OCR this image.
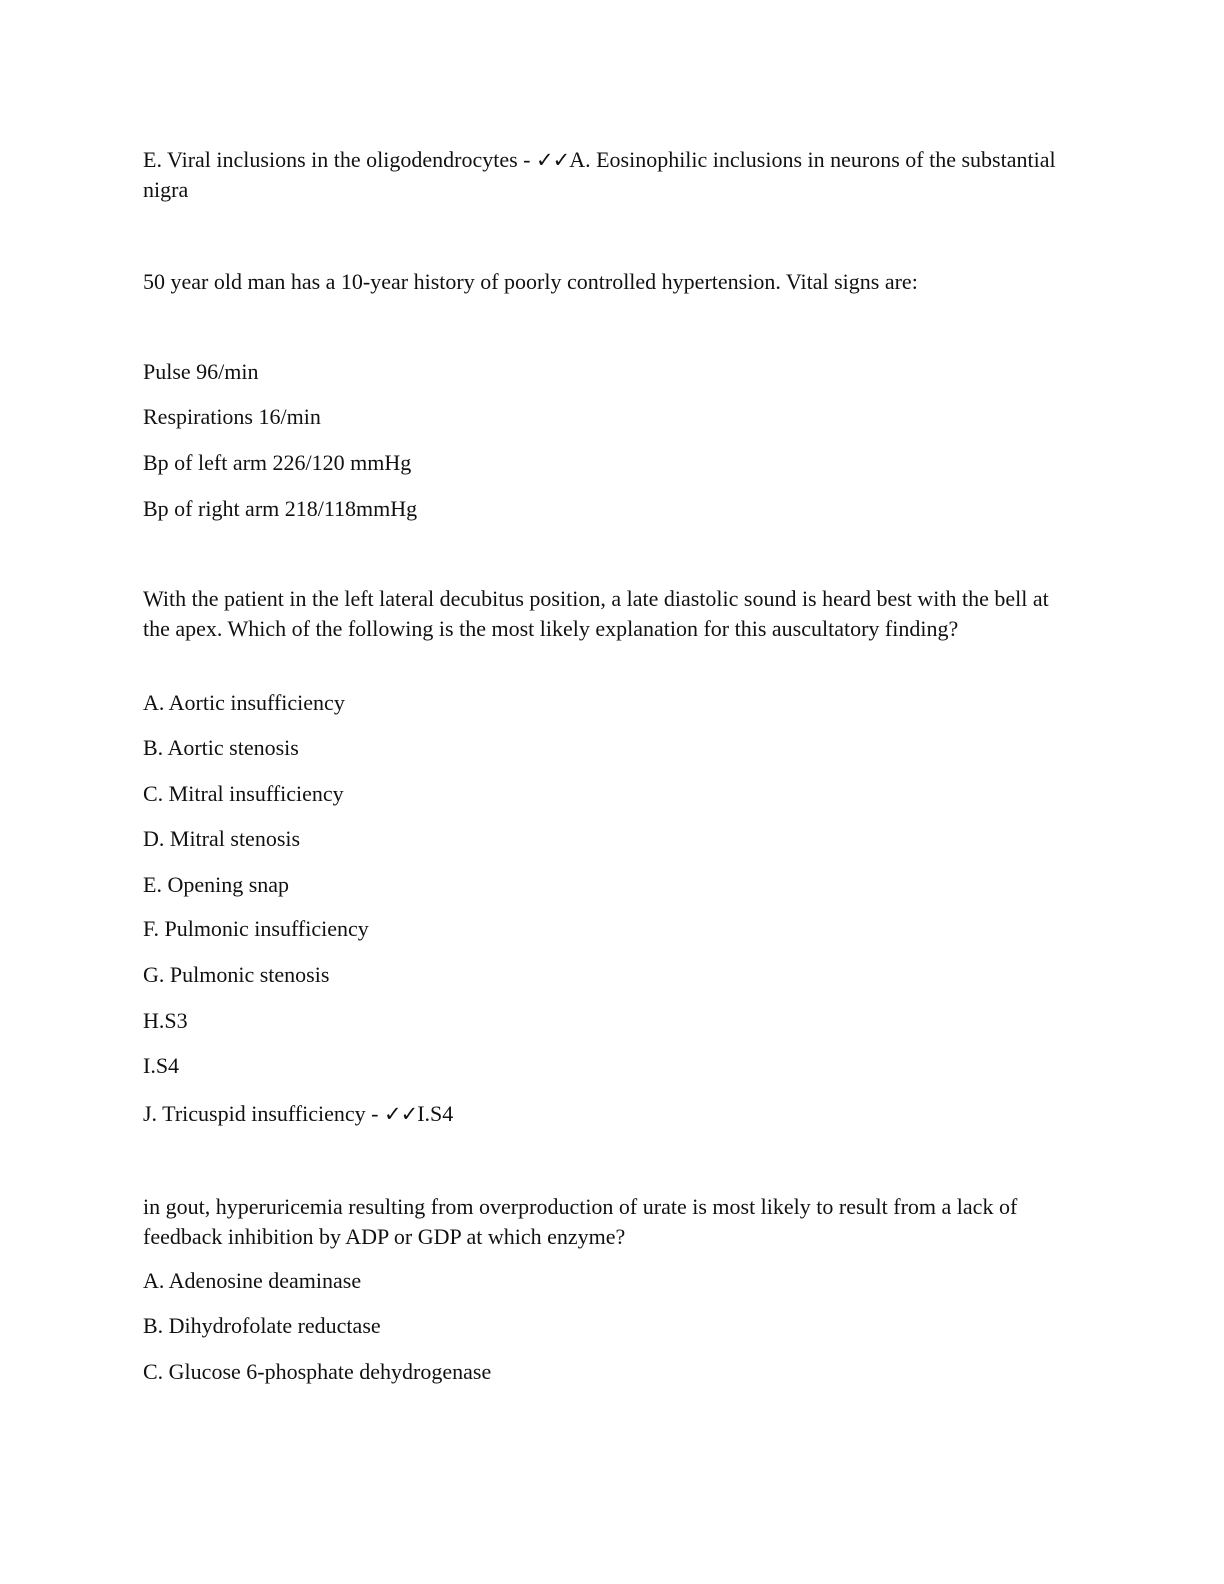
E. Viral inclusions in the oligodendrocytes - ✓✓A. Eosinophilic inclusions in neurons of the substantial nigra

50 year old man has a 10-year history of poorly controlled hypertension. Vital signs are:

Pulse 96/min

Respirations 16/min

Bp of left arm 226/120 mmHg

Bp of right arm 218/118mmHg

With the patient in the left lateral decubitus position, a late diastolic sound is heard best with the bell at the apex. Which of the following is the most likely explanation for this auscultatory finding?

A. Aortic insufficiency

B. Aortic stenosis

C. Mitral insufficiency

D. Mitral stenosis

E. Opening snap

F. Pulmonic insufficiency

G. Pulmonic stenosis

H.S3

I.S4

J. Tricuspid insufficiency - ✓✓I.S4

in gout, hyperuricemia resulting from overproduction of urate is most likely to result from a lack of feedback inhibition by ADP or GDP at which enzyme?

A. Adenosine deaminase

B. Dihydrofolate reductase

C. Glucose 6-phosphate dehydrogenase
